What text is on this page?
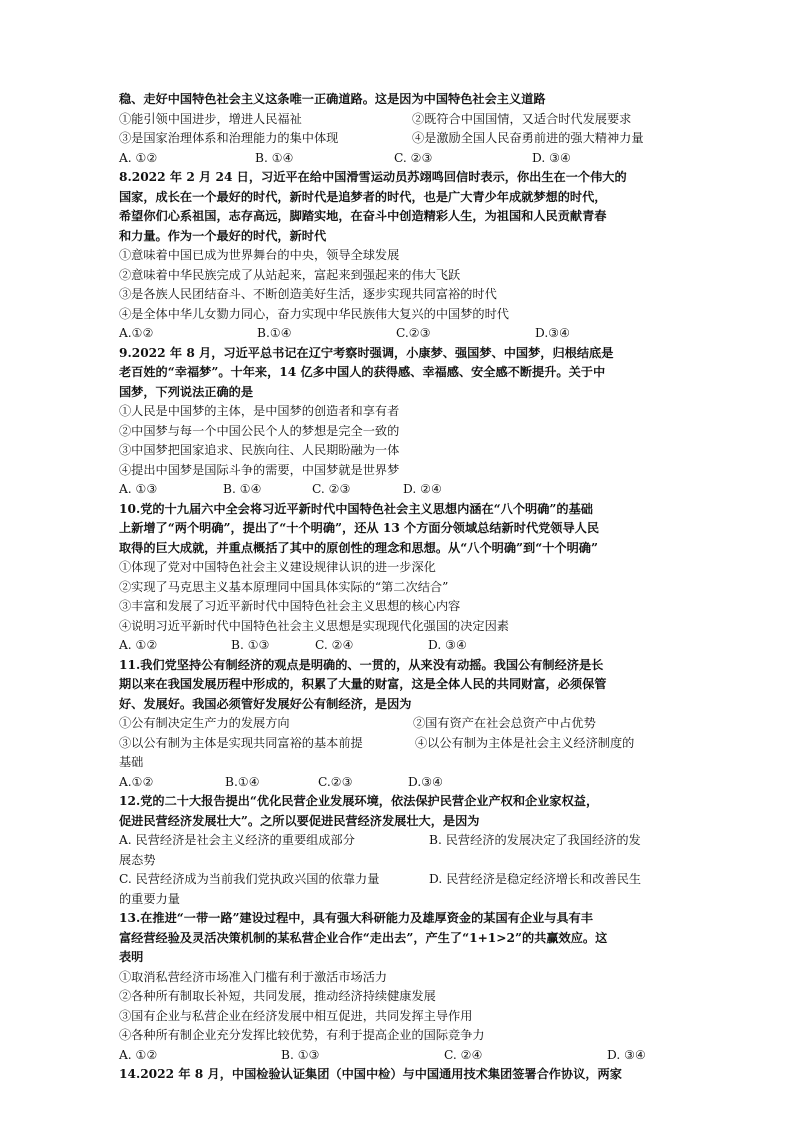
稳、走好中国特色社会主义这条唯一正确道路。这是因为中国特色社会主义道路
①能引领中国进步，增进人民福祉	②既符合中国国情，又适合时代发展要求
③是国家治理体系和治理能力的集中体现	④是激励全国人民奋勇前进的强大精神力量
A. ①②	B. ①④	C. ②③	D. ③④
8.2022 年 2 月 24 日，习近平在给中国滑雪运动员苏翊鸣回信时表示，你出生在一个伟大的
国家，成长在一个最好的时代，新时代是追梦者的时代，也是广大青少年成就梦想的时代，
希望你们心系祖国，志存高远，脚踏实地，在奋斗中创造精彩人生，为祖国和人民贡献青春
和力量。作为一个最好的时代，新时代
①意味着中国已成为世界舞台的中央，领导全球发展
②意味着中华民族完成了从站起来，富起来到强起来的伟大飞跃
③是各族人民团结奋斗、不断创造美好生活，逐步实现共同富裕的时代
④是全体中华儿女勠力同心，奋力实现中华民族伟大复兴的中国梦的时代
A.①②	B.①④	C.②③	D.③④
9.2022 年 8 月，习近平总书记在辽宁考察时强调，小康梦、强国梦、中国梦，归根结底是
老百姓的“幸福梦”。十年来，14 亿多中国人的获得感、幸福感、安全感不断提升。关于中
国梦，下列说法正确的是
①人民是中国梦的主体，是中国梦的创造者和享有者
②中国梦与每一个中国公民个人的梦想是完全一致的
③中国梦把国家追求、民族向往、人民期盼融为一体
④提出中国梦是国际斗争的需要，中国梦就是世界梦
A. ①③	B. ①④	C. ②③	D. ②④
10.党的十九届六中全会将习近平新时代中国特色社会主义思想内涵在“八个明确”的基础
上新增了“两个明确”，提出了“十个明确”，还从 13 个方面分领域总结新时代党领导人民
取得的巨大成就，并重点概括了其中的原创性的理念和思想。从“八个明确”到“十个明确”
①体现了党对中国特色社会主义建设规律认识的进一步深化
②实现了马克思主义基本原理同中国具体实际的“第二次结合”
③丰富和发展了习近平新时代中国特色社会主义思想的核心内容
④说明习近平新时代中国特色社会主义思想是实现现代化强国的决定因素
A. ①②	B. ①③	C. ②④	D. ③④
11.我们党坚持公有制经济的观点是明确的、一贯的，从来没有动摇。我国公有制经济是长
期以来在我国发展历程中形成的，积累了大量的财富，这是全体人民的共同财富，必须保管
好、发展好。我国必须管好发展好公有制经济，是因为
①公有制决定生产力的发展方向	②国有资产在社会总资产中占优势
③以公有制为主体是实现共同富裕的基本前提	④以公有制为主体是社会主义经济制度的
基础
A.①②	B.①④	C.②③	D.③④
12.党的二十大报告提出“优化民营企业发展环境，依法保护民营企业产权和企业家权益，
促进民营经济发展壮大”。之所以要促进民营经济发展壮大，是因为
A. 民营经济是社会主义经济的重要组成部分	B. 民营经济的发展决定了我国经济的发
展态势
C. 民营经济成为当前我们党执政兴国的依靠力量	D. 民营经济是稳定经济增长和改善民生
的重要力量
13.在推进“一带一路”建设过程中，具有强大科研能力及雄厚资金的某国有企业与具有丰
富经营经验及灵活决策机制的某私营企业合作“走出去”，产生了“1+1>2”的共赢效应。这
表明
①取消私营经济市场准入门槛有利于激活市场活力
②各种所有制取长补短，共同发展，推动经济持续健康发展
③国有企业与私营企业在经济发展中相互促进，共同发挥主导作用
④各种所有制企业充分发挥比较优势，有利于提高企业的国际竞争力
A. ①②	B. ①③	C. ②④	D. ③④
14.2022 年 8 月，中国检验认证集团（中国中检）与中国通用技术集团签署合作协议，两家
